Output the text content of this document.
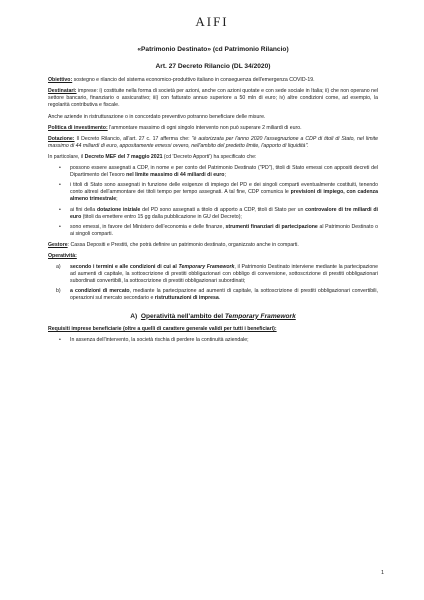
AIFI
«Patrimonio Destinato» (cd Patrimonio Rilancio)
Art. 27 Decreto Rilancio (DL 34/2020)

Obiettivo: sostegno e rilancio del sistema economico-produttivo italiano in conseguenza dell'emergenza COVID-19.

Destinatari: imprese: i) costituite nella forma di società per azioni, anche con azioni quotate e con sede sociale in Italia; ii) che non operano nel settore bancario, finanziario o assicurativo; iii) con fatturato annuo superiore a 50 mln di euro; iv) altre condizioni come, ad esempio, la regolarità contributiva e fiscale.

Anche aziende in ristrutturazione o in concordato preventivo potranno beneficiare delle misure.

Politica di investimento: l'ammontare massimo di ogni singolo intervento non può superare 2 miliardi di euro.

Dotazione: Il Decreto Rilancio, all'art. 27 c. 17 afferma che: "è autorizzata per l'anno 2020 l'assegnazione a CDP di titoli di Stato, nel limite massimo di 44 miliardi di euro, appositamente emessi ovvero, nell'ambito del predetto limite, l'apporto di liquidità".

In particolare, il Decreto MEF del 7 maggio 2021 (cd 'Decreto Apporti') ha specificato che:

• possono essere assegnati a CDP, in nome e per conto del Patrimonio Destinato ("PD"), titoli di Stato emessi con appositi decreti del Dipartimento del Tesoro nel limite massimo di 44 miliardi di euro;
• i titoli di Stato sono assegnati in funzione delle esigenze di impiego del PD e dei singoli comparti eventualmente costituiti, tenendo conto altresì dell'ammontare dei titoli tempo per tempo assegnati. A tal fine, CDP comunica le previsioni di impiego, con cadenza almeno trimestrale;
• ai fini della dotazione iniziale del PD sono assegnati a titolo di apporto a CDP, titoli di Stato per un controvalore di tre miliardi di euro (titoli da emettere entro 15 gg dalla pubblicazione in GU del Decreto);
• sono emessi, in favore del Ministero dell'economia e delle finanze, strumenti finanziari di partecipazione al Patrimonio Destinato o ai singoli comparti.

Gestore: Cassa Depositi e Prestiti, che potrà definire un patrimonio destinato, organizzato anche in comparti.

Operatività:

a) secondo i termini e alle condizioni di cui al Temporary Framework, il Patrimonio Destinato interviene mediante la partecipazione ad aumenti di capitale, la sottoscrizione di prestiti obbligazionari con obbligo di conversione, sottoscrizione di prestiti obbligazionari subordinati convertibili, la sottoscrizione di prestiti obbligazionari subordinati;
b) a condizioni di mercato, mediante la partecipazione ad aumenti di capitale, la sottoscrizione di prestiti obbligazionari convertibili, operazioni sul mercato secondario e ristrutturazioni di impresa.
A) Operatività nell'ambito del Temporary Framework

Requisiti imprese beneficiarie (oltre a quelli di carattere generale validi per tutti i beneficiari):

• In assenza dell'intervento, la società rischia di perdere la continuità aziendale;
1
